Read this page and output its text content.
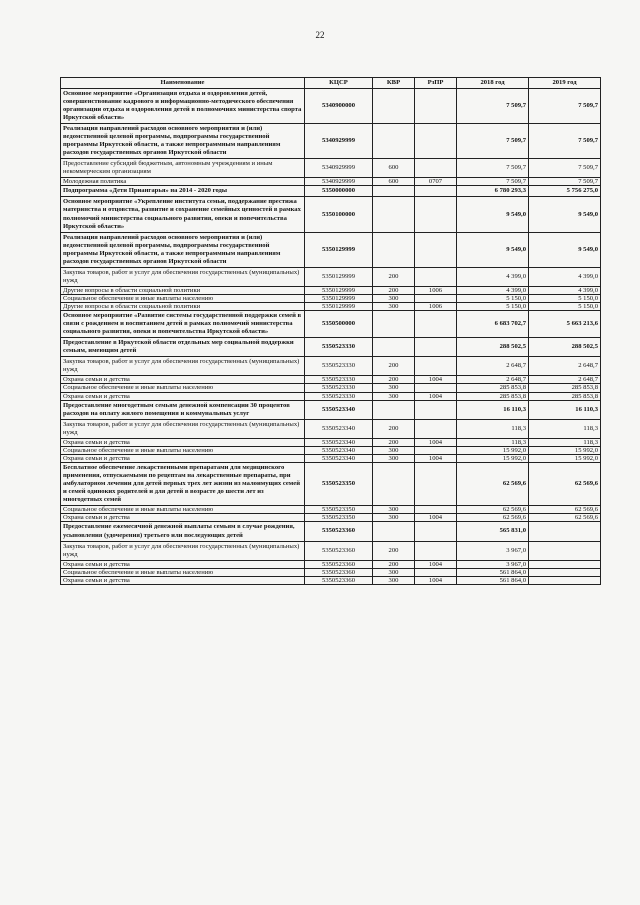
22
Наименование	КЦСР	КВР	РзПР	2018 год	2019 год
Основное мероприятие «Организация отдыха и оздоровления детей, совершенствование кадрового и информационно-методического обеспечения организации отдыха и оздоровления детей в полномочиях министерства спорта Иркутской области»	5340900000			7 509,7	7 509,7
Реализация направлений расходов основного мероприятия и (или) ведомственной целевой программы, подпрограммы государственной программы Иркутской области, а также непрограммным направлениям расходов государственных органов Иркутской области	5340929999			7 509,7	7 509,7
Предоставление субсидий бюджетным, автономным учреждениям и иным некоммерческим организациям	5340929999	600		7 509,7	7 509,7
Молодежная политика	5340929999	600	0707	7 509,7	7 509,7
Подпрограмма «Дети Приангарья» на 2014 - 2020 годы	5350000000			6 780 293,3	5 756 275,0
Основное мероприятие «Укрепление института семьи, поддержание престижа материнства и отцовства, развитие и сохранение семейных ценностей в рамках полномочий министерства социального развития, опеки и попечительства Иркутской области»	5350100000			9 549,0	9 549,0
Реализация направлений расходов основного мероприятия и (или) ведомственной целевой программы, подпрограммы государственной программы Иркутской области, а также непрограммным направлениям расходов государственных органов Иркутской области	5350129999			9 549,0	9 549,0
Закупка товаров, работ и услуг для обеспечения государственных (муниципальных) нужд	5350129999	200		4 399,0	4 399,0
Другие вопросы в области социальной политики	5350129999	200	1006	4 399,0	4 399,0
Социальное обеспечение и иные выплаты населению	5350129999	300		5 150,0	5 150,0
Другие вопросы в области социальной политики	5350129999	300	1006	5 150,0	5 150,0
Основное мероприятие «Развитие системы государственной поддержки семей в связи с рождением и воспитанием детей в рамках полномочий министерства социального развития, опеки и попечительства Иркутской области»	5350500000			6 683 702,7	5 663 213,6
Предоставление в Иркутской области отдельных мер социальной поддержки семьям, имеющим детей	5350523330			288 502,5	288 502,5
Закупка товаров, работ и услуг для обеспечения государственных (муниципальных) нужд	5350523330	200		2 648,7	2 648,7
Охрана семьи и детства	5350523330	200	1004	2 648,7	2 648,7
Социальное обеспечение и иные выплаты населению	5350523330	300		285 853,8	285 853,8
Охрана семьи и детства	5350523330	300	1004	285 853,8	285 853,8
Предоставление многодетным семьям денежной компенсации 30 процентов расходов на оплату жилого помещения и коммунальных услуг	5350523340			16 110,3	16 110,3
Закупка товаров, работ и услуг для обеспечения государственных (муниципальных) нужд	5350523340	200		118,3	118,3
Охрана семьи и детства	5350523340	200	1004	118,3	118,3
Социальное обеспечение и иные выплаты населению	5350523340	300		15 992,0	15 992,0
Охрана семьи и детства	5350523340	300	1004	15 992,0	15 992,0
Бесплатное обеспечение лекарственными препаратами для медицинского применения, отпускаемыми по рецептам на лекарственные препараты, при амбулаторном лечении для детей первых трех лет жизни из малоимущих семей и семей одиноких родителей и для детей в возрасте до шести лет из многодетных семей	5350523350			62 569,6	62 569,6
Социальное обеспечение и иные выплаты населению	5350523350	300		62 569,6	62 569,6
Охрана семьи и детства	5350523350	300	1004	62 569,6	62 569,6
Предоставление ежемесячной денежной выплаты семьям в случае рождения, усыновления (удочерения) третьего или последующих детей	5350523360			565 831,0	
Закупка товаров, работ и услуг для обеспечения государственных (муниципальных) нужд	5350523360	200		3 967,0	
Охрана семьи и детства	5350523360	200	1004	3 967,0	
Социальное обеспечение и иные выплаты населению	5350523360	300		561 864,0	
Охрана семьи и детства	5350523360	300	1004	561 864,0	
